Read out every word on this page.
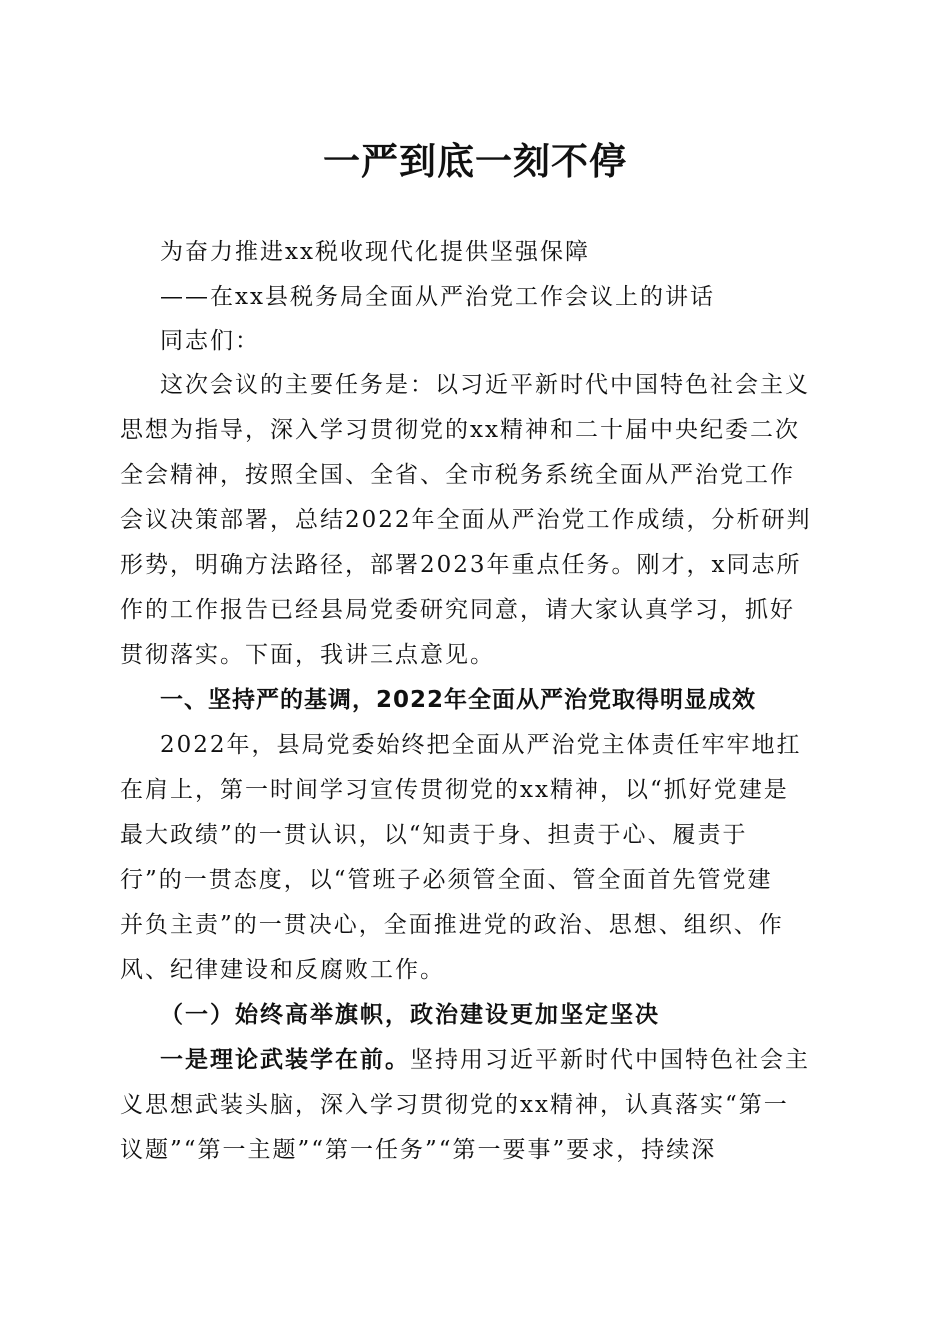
一严到底一刻不停
为奋力推进xx税收现代化提供坚强保障
——在xx县税务局全面从严治党工作会议上的讲话
同志们：
这次会议的主要任务是：以习近平新时代中国特色社会主义
思想为指导，深入学习贯彻党的xx精神和二十届中央纪委二次
全会精神，按照全国、全省、全市税务系统全面从严治党工作
会议决策部署，总结2022年全面从严治党工作成绩，分析研判
形势，明确方法路径，部署2023年重点任务。刚才，x同志所
作的工作报告已经县局党委研究同意，请大家认真学习，抓好
贯彻落实。下面，我讲三点意见。
一、坚持严的基调，2022年全面从严治党取得明显成效
2022年，县局党委始终把全面从严治党主体责任牢牢地扛
在肩上，第一时间学习宣传贯彻党的xx精神，以“抓好党建是
最大政绩”的一贯认识，以“知责于身、担责于心、履责于
行”的一贯态度，以“管班子必须管全面、管全面首先管党建
并负主责”的一贯决心，全面推进党的政治、思想、组织、作
风、纪律建设和反腐败工作。
（一）始终高举旗帜，政治建设更加坚定坚决
一是理论武装学在前。坚持用习近平新时代中国特色社会主
义思想武装头脑，深入学习贯彻党的xx精神，认真落实“第一
议题”“第一主题”“第一任务”“第一要事”要求，持续深
